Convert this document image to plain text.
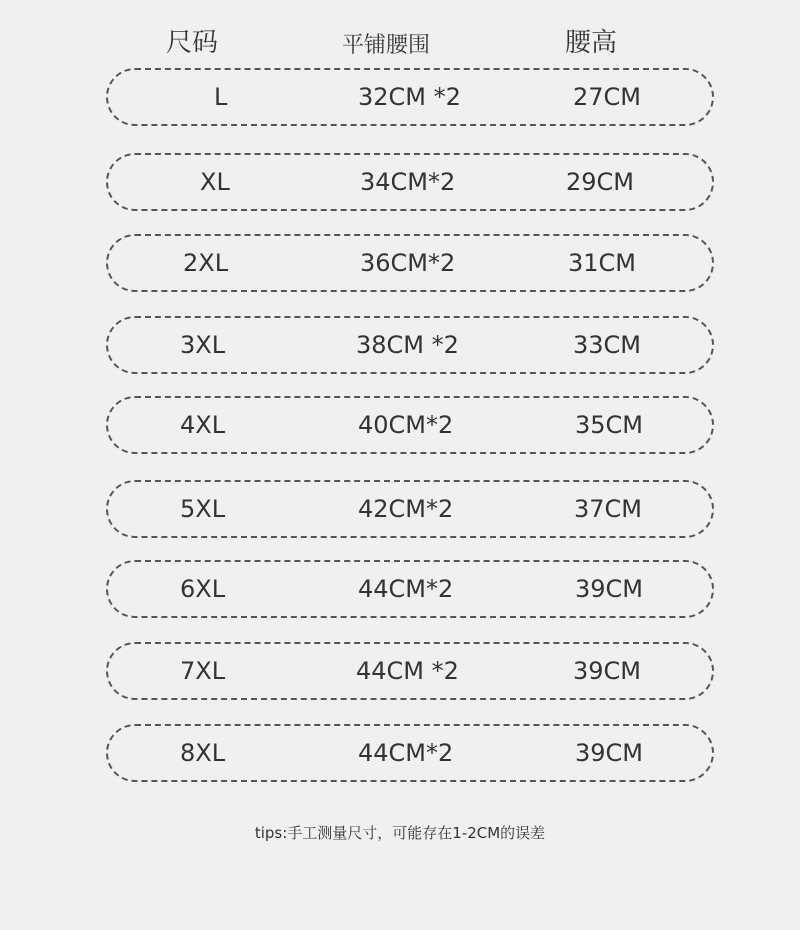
尺码	平铺腰围	腰高
L	32CM *2	27CM
XL	34CM*2	29CM
2XL	36CM*2	31CM
3XL	38CM *2	33CM
4XL	40CM*2	35CM
5XL	42CM*2	37CM
6XL	44CM*2	39CM
7XL	44CM *2	39CM
8XL	44CM*2	39CM
tips:手工测量尺寸，可能存在1-2CM的误差
